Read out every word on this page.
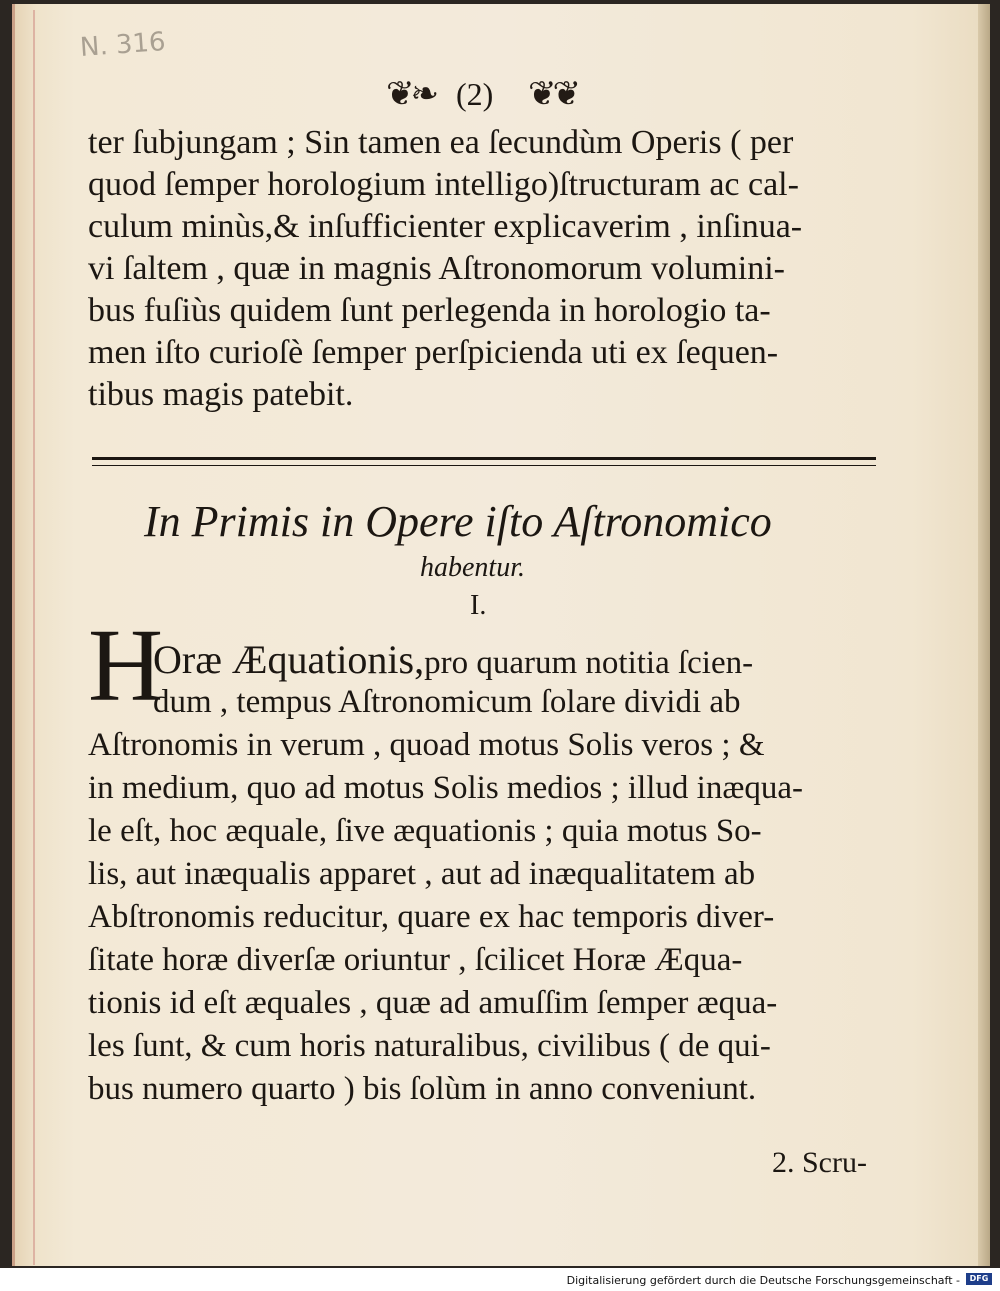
N. 316
❦❧ (2) ❦❦
ter ſubjungam ; Sin tamen ea ſecundùm Operis ( per
quod ſemper horologium intelligo)ſtructuram ac cal-
culum minùs,& inſufficienter explicaverim , inſinua-
vi ſaltem , quæ in magnis Aſtronomorum volumini-
bus fuſiùs quidem ſunt perlegenda in horologio ta-
men iſto curioſè ſemper perſpicienda uti ex ſequen-
tibus magis patebit.
In Primis in Opere iſto Aſtronomico
habentur.
I.
H
Oræ Æquationis,pro quarum notitia ſcien-
dum , tempus Aſtronomicum ſolare dividi ab
Aſtronomis in verum , quoad motus Solis veros ; &
in medium, quo ad motus Solis medios ; illud inæqua-
le eſt, hoc æquale, ſive æquationis ; quia motus So-
lis, aut inæqualis apparet , aut ad inæqualitatem ab
Abſtronomis reducitur, quare ex hac temporis diver-
ſitate horæ diverſæ oriuntur , ſcilicet Horæ Æqua-
tionis id eſt æquales , quæ ad amuſſim ſemper æqua-
les ſunt, & cum horis naturalibus, civilibus ( de qui-
bus numero quarto ) bis ſolùm in anno conveniunt.
2. Scru-
Digitalisierung gefördert durch die Deutsche Forschungsgemeinschaft -	DFG
